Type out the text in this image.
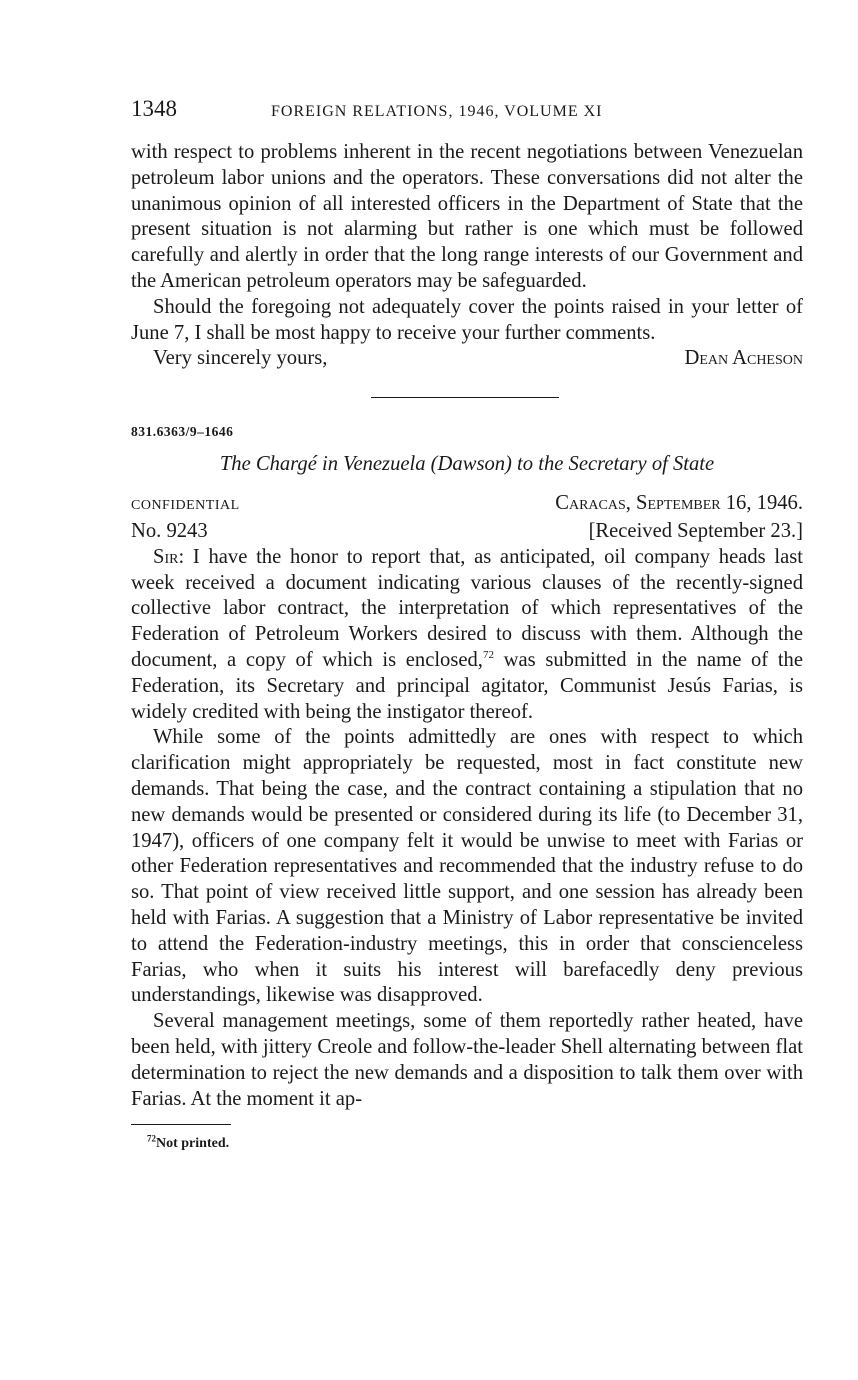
1348	FOREIGN RELATIONS, 1946, VOLUME XI

with respect to problems inherent in the recent negotiations between Venezuelan petroleum labor unions and the operators. These conversations did not alter the unanimous opinion of all interested officers in the Department of State that the present situation is not alarming but rather is one which must be followed carefully and alertly in order that the long range interests of our Government and the American petroleum operators may be safeguarded.

Should the foregoing not adequately cover the points raised in your letter of June 7, I shall be most happy to receive your further comments.

Very sincerely yours,	Dean Acheson
831.6363/9–1646
The Chargé in Venezuela (Dawson) to the Secretary of State
CONFIDENTIAL	Caracas, September 16, 1946.
No. 9243	[Received September 23.]

Sir: I have the honor to report that, as anticipated, oil company heads last week received a document indicating various clauses of the recently-signed collective labor contract, the interpretation of which representatives of the Federation of Petroleum Workers desired to discuss with them. Although the document, a copy of which is enclosed,$^{72}$ was submitted in the name of the Federation, its Secretary and principal agitator, Communist Jesús Farias, is widely credited with being the instigator thereof.

While some of the points admittedly are ones with respect to which clarification might appropriately be requested, most in fact constitute new demands. That being the case, and the contract containing a stipulation that no new demands would be presented or considered during its life (to December 31, 1947), officers of one company felt it would be unwise to meet with Farias or other Federation representatives and recommended that the industry refuse to do so. That point of view received little support, and one session has already been held with Farias. A suggestion that a Ministry of Labor representative be invited to attend the Federation-industry meetings, this in order that conscienceless Farias, who when it suits his interest will barefacedly deny previous understandings, likewise was disapproved.

Several management meetings, some of them reportedly rather heated, have been held, with jittery Creole and follow-the-leader Shell alternating between flat determination to reject the new demands and a disposition to talk them over with Farias. At the moment it ap-

$^{72}$Not printed.
